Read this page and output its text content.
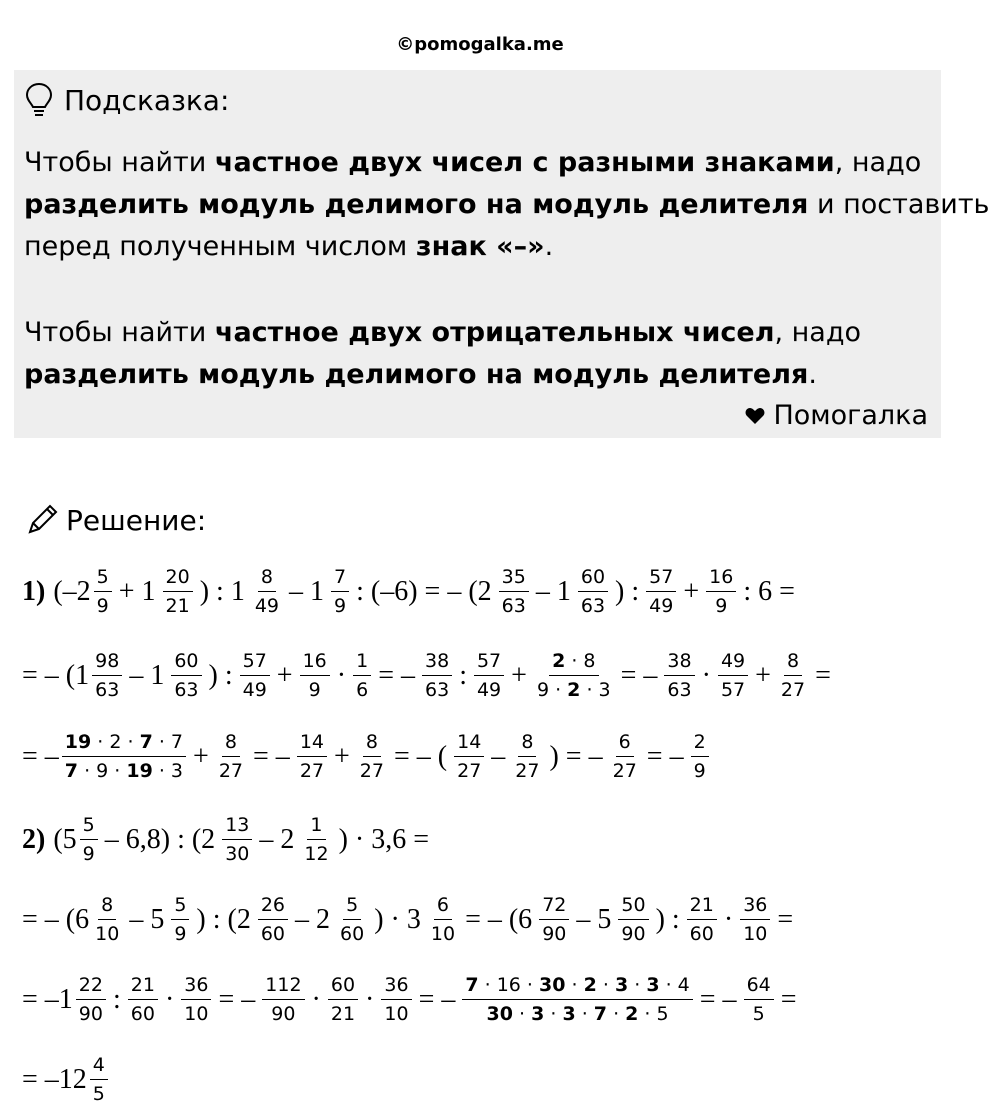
©pomogalka.me
Подсказка:
Чтобы найти частное двух чисел с разными знаками, надо
разделить модуль делимого на модуль делителя и поставить
перед полученным числом знак «–».
Чтобы найти частное двух отрицательных чисел, надо
разделить модуль делимого на модуль делителя.
Помогалка
Решение:
1) ($-2 \frac{5}{9} + 1 \frac{20}{21}$ ) : $1 \frac{8}{49} - 1 \frac{7}{9}$ : (–6) = – ($2 \frac{35}{63} - 1 \frac{60}{63}$ ) : $\frac{57}{49} + \frac{16}{9}$ : 6 =
= – ($1 \frac{98}{63} - 1 \frac{60}{63}$ ) : $\frac{57}{49} + \frac{16}{9} \cdot \frac{1}{6}$ = – $\frac{38}{63}$ : $\frac{57}{49} + \frac{2 \cdot 8}{9 \cdot 2 \cdot 3}$ = – $\frac{38}{63} \cdot \frac{49}{57} + \frac{8}{27}$ =
= – $\frac{19 \cdot 2 \cdot 7 \cdot 7}{7 \cdot 9 \cdot 19 \cdot 3} + \frac{8}{27}$ = – $\frac{14}{27} + \frac{8}{27}$ = – ( $\frac{14}{27} - \frac{8}{27}$ ) = – $\frac{6}{27}$ = – $\frac{2}{9}$
2) $(5 \frac{5}{9} - 6,8)$ : ($2 \frac{13}{30} - 2 \frac{1}{12}$ ) · 3,6 =
= – ($6 \frac{8}{10} - 5 \frac{5}{9}$ ) : ($2 \frac{26}{60} - 2 \frac{5}{60}$ ) · $3 \frac{6}{10}$ = – ($6 \frac{72}{90} - 5 \frac{50}{90}$ ) : $\frac{21}{60} \cdot \frac{36}{10}$ =
= $-1 \frac{22}{90}$ : $\frac{21}{60} \cdot \frac{36}{10}$ = – $\frac{112}{90} \cdot \frac{60}{21} \cdot \frac{36}{10}$ = – $\frac{7 \cdot 16 \cdot 30 \cdot 2 \cdot 3 \cdot 3 \cdot 4}{30 \cdot 3 \cdot 3 \cdot 7 \cdot 2 \cdot 5}$ = – $\frac{64}{5}$ =
= $-12 \frac{4}{5}$
